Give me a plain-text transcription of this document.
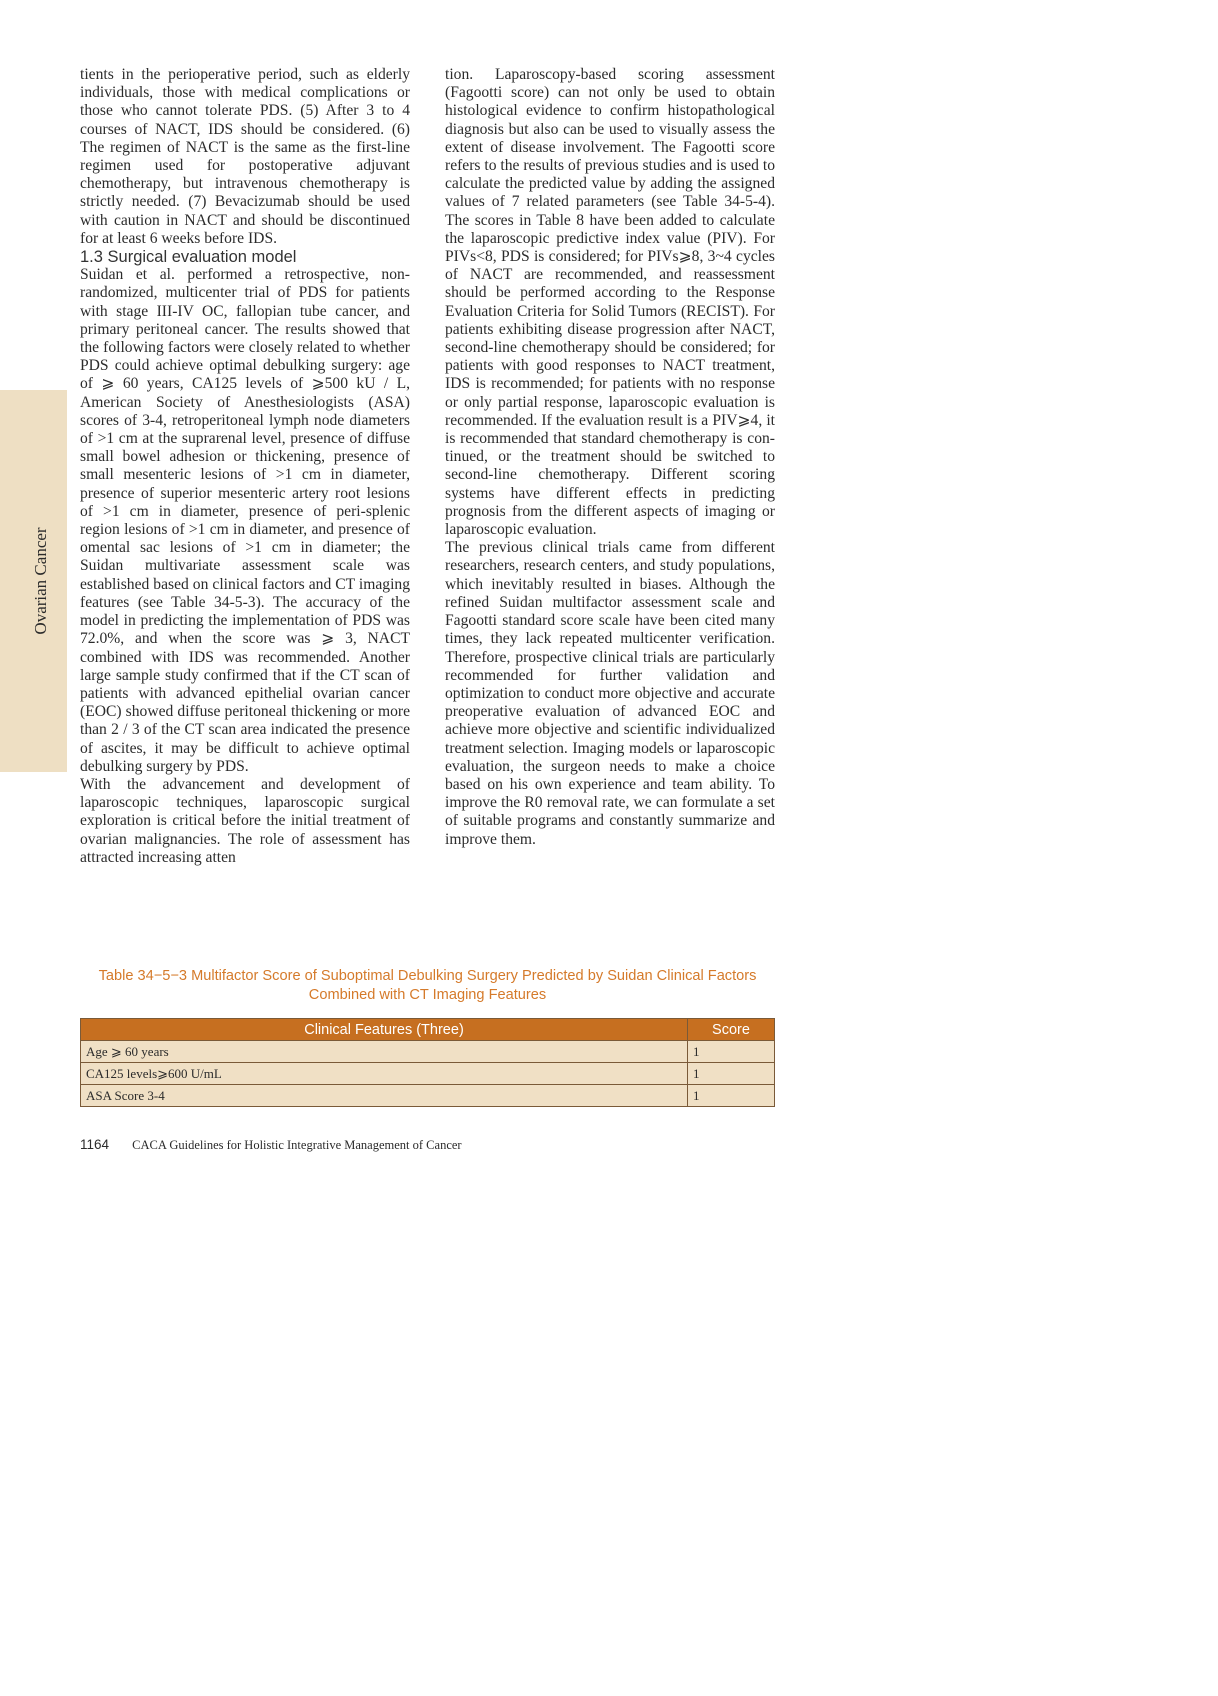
Ovarian Cancer

tients in the perioperative period, such as elderly individuals, those with medical complications or those who cannot tolerate PDS. (5) After 3 to 4 courses of NACT, IDS should be considered. (6) The regimen of NACT is the same as the first-line regimen used for postoperative adjuvant chemotherapy, but intravenous chemotherapy is strictly needed. (7) Bevacizumab should be used with caution in NACT and should be discontinued for at least 6 weeks before IDS.

1.3 Surgical evaluation model

Suidan et al. performed a retrospective, non-randomized, multicenter trial of PDS for patients with stage III-IV OC, fallopian tube cancer, and primary peritoneal cancer. The results showed that the following factors were closely related to whether PDS could achieve optimal debulking surgery: age of ⩾ 60 years, CA125 levels of ⩾500 kU / L, American Society of Anesthesiologists (ASA) scores of 3-4, retroperitoneal lymph node diameters of >1 cm at the suprarenal level, presence of diffuse small bowel adhesion or thickening, presence of small mesenteric lesions of >1 cm in diameter, presence of superior mesenteric artery root lesions of >1 cm in diameter, presence of peri-splenic region lesions of >1 cm in diameter, and presence of omental sac lesions of >1 cm in diameter; the Suidan multivariate assessment scale was established based on clinical factors and CT imaging features (see Table 34-5-3). The accuracy of the model in predicting the implementation of PDS was 72.0%, and when the score was ⩾ 3, NACT combined with IDS was recommended. Another large sample study confirmed that if the CT scan of patients with advanced epithelial ovarian cancer (EOC) showed diffuse peritoneal thickening or more than 2 / 3 of the CT scan area indicated the presence of ascites, it may be difficult to achieve optimal debulking surgery by PDS.

With the advancement and development of laparoscopic techniques, laparoscopic surgical exploration is critical before the initial treatment of ovarian malignancies. The role of assessment has attracted increasing atten

tion. Laparoscopy-based scoring assessment (Fagootti score) can not only be used to obtain histological evidence to confirm histopathological diagnosis but also can be used to visually assess the extent of disease involvement. The Fagootti score refers to the results of previous studies and is used to calculate the predicted value by adding the assigned values of 7 related parameters (see Table 34-5-4). The scores in Table 8 have been added to calculate the laparoscopic predictive index value (PIV). For PIVs<8, PDS is considered; for PIVs⩾8, 3~4 cycles of NACT are recommended, and reassessment should be performed according to the Response Evaluation Criteria for Solid Tumors (RECIST). For patients exhibiting disease progression after NACT, second-line chemotherapy should be considered; for patients with good responses to NACT treatment, IDS is recommended; for patients with no response or only partial response, laparoscopic evaluation is recommended. If the evaluation result is a PIV⩾4, it is recommended that standard chemotherapy is continued, or the treatment should be switched to second-line chemotherapy. Different scoring systems have different effects in predicting prognosis from the different aspects of imaging or laparoscopic evaluation.

The previous clinical trials came from different researchers, research centers, and study populations, which inevitably resulted in biases. Although the refined Suidan multifactor assessment scale and Fagootti standard score scale have been cited many times, they lack repeated multicenter verification. Therefore, prospective clinical trials are particularly recommended for further validation and optimization to conduct more objective and accurate preoperative evaluation of advanced EOC and achieve more objective and scientific individualized treatment selection. Imaging models or laparoscopic evaluation, the surgeon needs to make a choice based on his own experience and team ability. To improve the R0 removal rate, we can formulate a set of suitable programs and constantly summarize and improve them.

Table 34−5−3 Multifactor Score of Suboptimal Debulking Surgery Predicted by Suidan Clinical Factors
Combined with CT Imaging Features
Clinical Features (Three)	Score
Age ⩾ 60 years	1
CA125 levels⩾600 U/mL	1
ASA Score 3-4	1
1164 CACA Guidelines for Holistic Integrative Management of Cancer
